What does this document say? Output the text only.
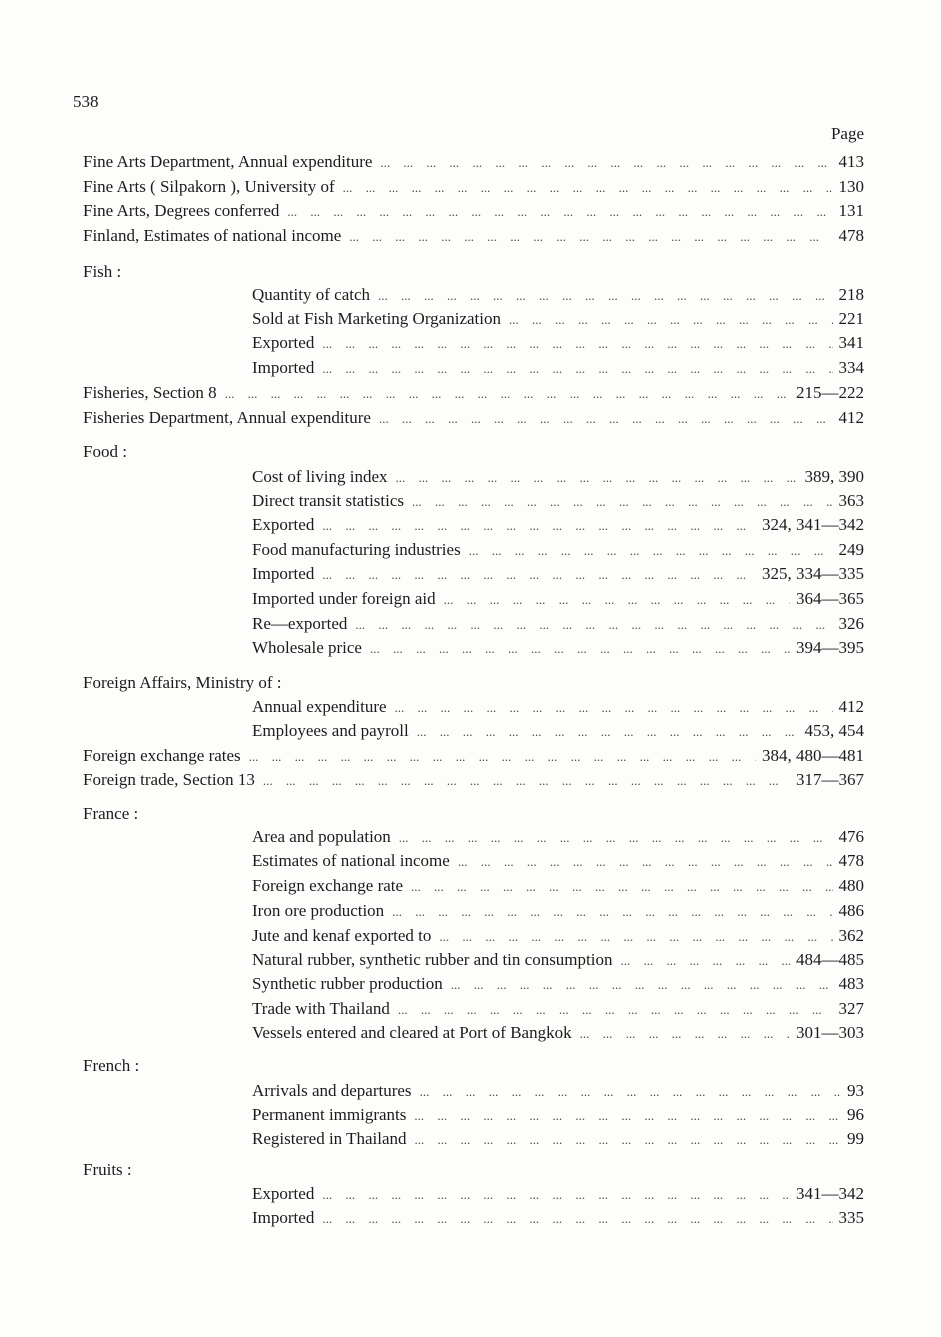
538
Page
Fine Arts Department, Annual expenditure ... .	413
Fine Arts ( Silpakorn ), University of ... .	130
Fine Arts, Degrees conferred ... .	131
Finland, Estimates of national income ... .	478
Fish :
Quantity of catch ... .	218
Sold at Fish Marketing Organization ... .	221
Exported ... .	341
Imported ... .	334
Fisheries, Section 8 ... .	215—222
Fisheries Department, Annual expenditure ... .	412
Food :
Cost of living index ... .	389, 390
Direct transit statistics ... .	363
Exported ... .	324, 341—342
Food manufacturing industries ... .	249
Imported ... .	325, 334—335
Imported under foreign aid ... .	364—365
Re—exported ... .	326
Wholesale price ... .	394—395
Foreign Affairs, Ministry of :
Annual expenditure ... .	412
Employees and payroll ... .	453, 454
Foreign exchange rates ... .	384, 480—481
Foreign trade, Section 13 ... .	317—367
France :
Area and population ... .	476
Estimates of national income ... .	478
Foreign exchange rate ... .	480
Iron ore production ... .	486
Jute and kenaf exported to ... .	362
Natural rubber, synthetic rubber and tin consumption ... .	484—485
Synthetic rubber production ... .	483
Trade with Thailand ... .	327
Vessels entered and cleared at Port of Bangkok ... .	301—303
French :
Arrivals and departures ... .	93
Permanent immigrants ... .	96
Registered in Thailand ... .	99
Fruits :
Exported ... .	341—342
Imported ... .	335
